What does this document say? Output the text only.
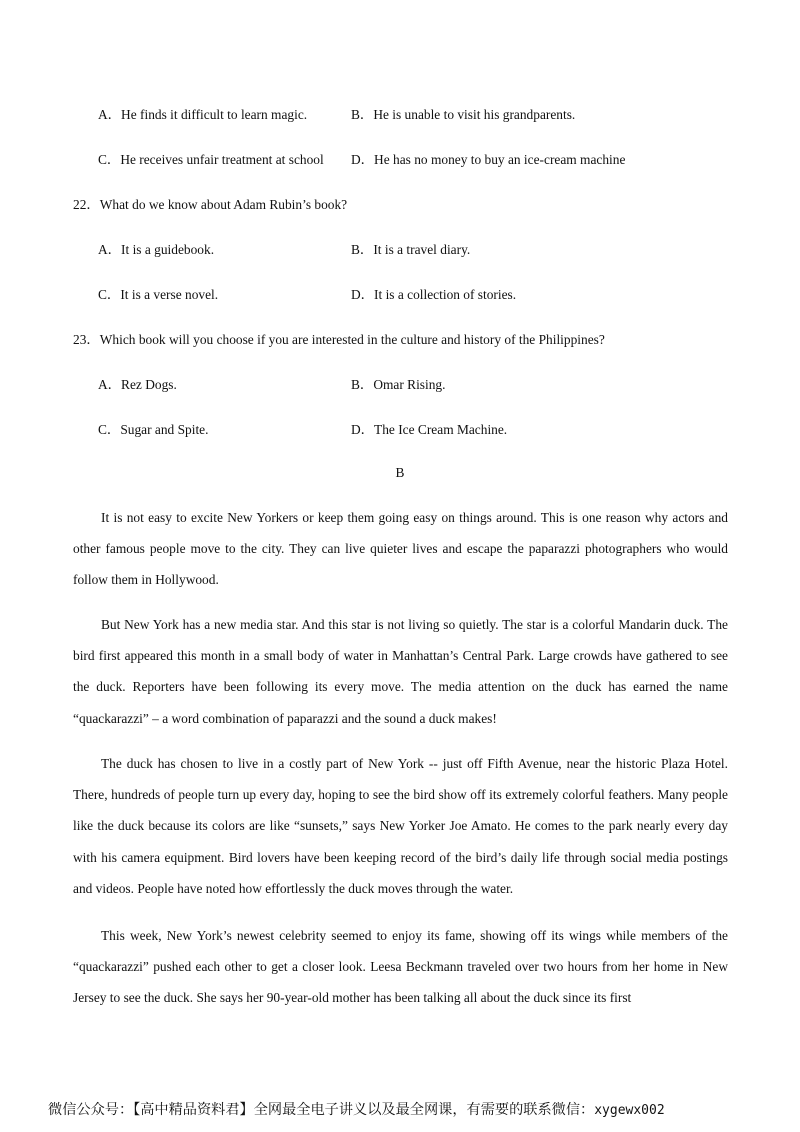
A．He finds it difficult to learn magic.	B．He is unable to visit his grandparents.
C．He receives unfair treatment at school D．He has no money to buy an ice-cream machine
22．What do we know about Adam Rubin’s book?
A．It is a guidebook.	B．It is a travel diary.
C．It is a verse novel.	D．It is a collection of stories.
23．Which book will you choose if you are interested in the culture and history of the Philippines?
A．Rez Dogs.	B．Omar Rising.
C．Sugar and Spite.	D．The Ice Cream Machine.
B
It is not easy to excite New Yorkers or keep them going easy on things around. This is one reason why actors and other famous people move to the city. They can live quieter lives and escape the paparazzi photographers who would follow them in Hollywood.
But New York has a new media star. And this star is not living so quietly. The star is a colorful Mandarin duck. The bird first appeared this month in a small body of water in Manhattan’s Central Park. Large crowds have gathered to see the duck. Reporters have been following its every move. The media attention on the duck has earned the name “quackarazzi” – a word combination of paparazzi and the sound a duck makes!
The duck has chosen to live in a costly part of New York -- just off Fifth Avenue, near the historic Plaza Hotel. There, hundreds of people turn up every day, hoping to see the bird show off its extremely colorful feathers. Many people like the duck because its colors are like “sunsets,” says New Yorker Joe Amato. He comes to the park nearly every day with his camera equipment. Bird lovers have been keeping record of the bird’s daily life through social media postings and videos. People have noted how effortlessly the duck moves through the water.
This week, New York’s newest celebrity seemed to enjoy its fame, showing off its wings while members of the “quackarazzi” pushed each other to get a closer look. Leesa Beckmann traveled over two hours from her home in New Jersey to see the duck. She says her 90-year-old mother has been talking all about the duck since its first
微信公众号：【高中精品资料君】全网最全电子讲义以及最全网课，有需要的联系微信：xygewx002
